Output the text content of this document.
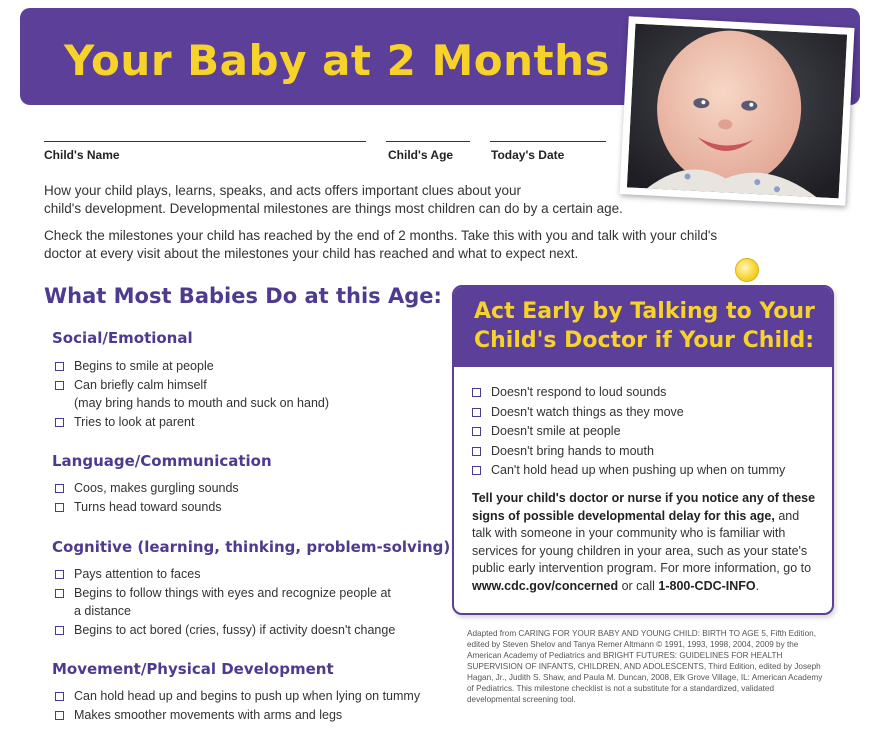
Your Baby at 2 Months
Child's Name	Child's Age	Today's Date
How your child plays, learns, speaks, and acts offers important clues about your
child's development. Developmental milestones are things most children can do by a certain age.
Check the milestones your child has reached by the end of 2 months. Take this with you and talk with your child's
doctor at every visit about the milestones your child has reached and what to expect next.
What Most Babies Do at this Age:
Social/Emotional
Begins to smile at people
Can briefly calm himself
(may bring hands to mouth and suck on hand)
Tries to look at parent
Language/Communication
Coos, makes gurgling sounds
Turns head toward sounds
Cognitive (learning, thinking, problem-solving)
Pays attention to faces
Begins to follow things with eyes and recognize people at
a distance
Begins to act bored (cries, fussy) if activity doesn't change
Movement/Physical Development
Can hold head up and begins to push up when lying on tummy
Makes smoother movements with arms and legs
Act Early by Talking to Your
Child's Doctor if Your Child:
Doesn't respond to loud sounds
Doesn't watch things as they move
Doesn't smile at people
Doesn't bring hands to mouth
Can't hold head up when pushing up when on tummy
Tell your child's doctor or nurse if you notice any of these signs of possible developmental delay for this age, and talk with someone in your community who is familiar with services for young children in your area, such as your state's public early intervention program. For more information, go to www.cdc.gov/concerned or call 1-800-CDC-INFO.
Adapted from CARING FOR YOUR BABY AND YOUNG CHILD: BIRTH TO AGE 5, Fifth Edition, edited by Steven Shelov and Tanya Remer Altmann © 1991, 1993, 1998, 2004, 2009 by the American Academy of Pediatrics and BRIGHT FUTURES: GUIDELINES FOR HEALTH SUPERVISION OF INFANTS, CHILDREN, AND ADOLESCENTS, Third Edition, edited by Joseph Hagan, Jr., Judith S. Shaw, and Paula M. Duncan, 2008, Elk Grove Village, IL: American Academy of Pediatrics. This milestone checklist is not a substitute for a standardized, validated developmental screening tool.
